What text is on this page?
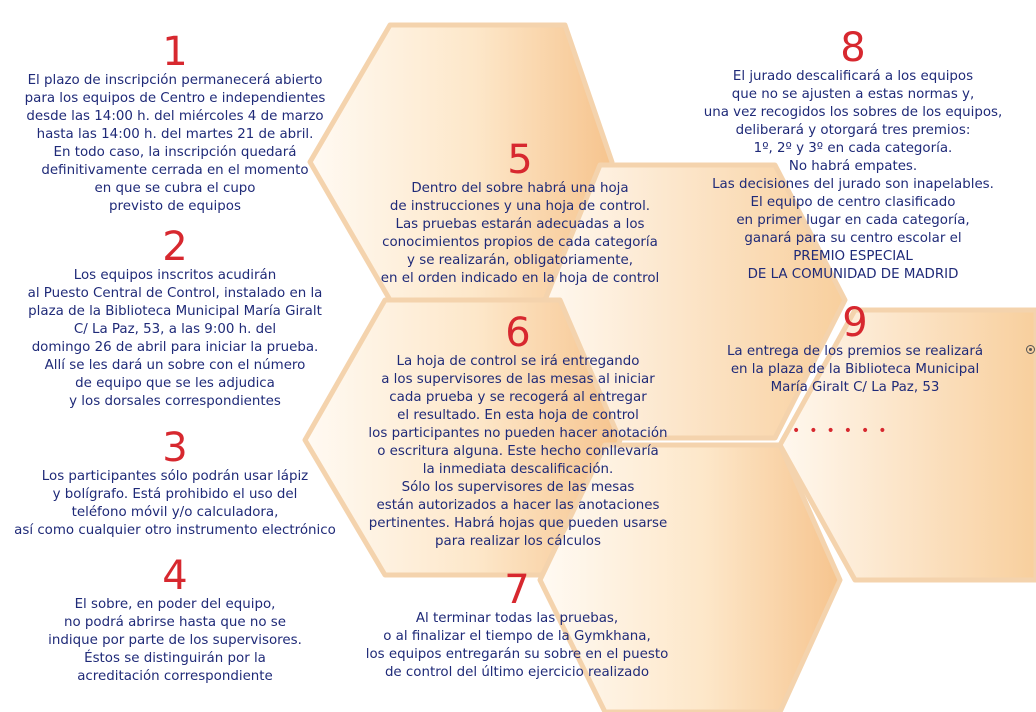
1
El plazo de inscripción permanecerá abierto
para los equipos de Centro e independientes
desde las 14:00 h. del miércoles 4 de marzo
hasta las 14:00 h. del martes 21 de abril.
En todo caso, la inscripción quedará
definitivamente cerrada en el momento
en que se cubra el cupo
previsto de equipos
2
Los equipos inscritos acudirán
al Puesto Central de Control, instalado en la
plaza de la Biblioteca Municipal María Giralt
C/ La Paz, 53, a las 9:00 h. del
domingo 26 de abril para iniciar la prueba.
Allí se les dará un sobre con el número
de equipo que se les adjudica
y los dorsales correspondientes
3
Los participantes sólo podrán usar lápiz
y bolígrafo. Está prohibido el uso del
teléfono móvil y/o calculadora,
así como cualquier otro instrumento electrónico
4
El sobre, en poder del equipo,
no podrá abrirse hasta que no se
indique por parte de los supervisores.
Éstos se distinguirán por la
acreditación correspondiente
5
Dentro del sobre habrá una hoja
de instrucciones y una hoja de control.
Las pruebas estarán adecuadas a los
conocimientos propios de cada categoría
y se realizarán, obligatoriamente,
en el orden indicado en la hoja de control
6
La hoja de control se irá entregando
a los supervisores de las mesas al iniciar
cada prueba y se recogerá al entregar
el resultado. En esta hoja de control
los participantes no pueden hacer anotación
o escritura alguna. Este hecho conllevaría
la inmediata descalificación.
Sólo los supervisores de las mesas
están autorizados a hacer las anotaciones
pertinentes. Habrá hojas que pueden usarse
para realizar los cálculos
7
Al terminar todas las pruebas,
o al finalizar el tiempo de la Gymkhana,
los equipos entregarán su sobre en el puesto
de control del último ejercicio realizado
8
El jurado descalificará a los equipos
que no se ajusten a estas normas y,
una vez recogidos los sobres de los equipos,
deliberará y otorgará tres premios:
1º, 2º y 3º en cada categoría.
No habrá empates.
Las decisiones del jurado son inapelables.
El equipo de centro clasificado
en primer lugar en cada categoría,
ganará para su centro escolar el
PREMIO ESPECIAL
DE LA COMUNIDAD DE MADRID
9
La entrega de los premios se realizará
en la plaza de la Biblioteca Municipal
María Giralt C/ La Paz, 53
••••••
